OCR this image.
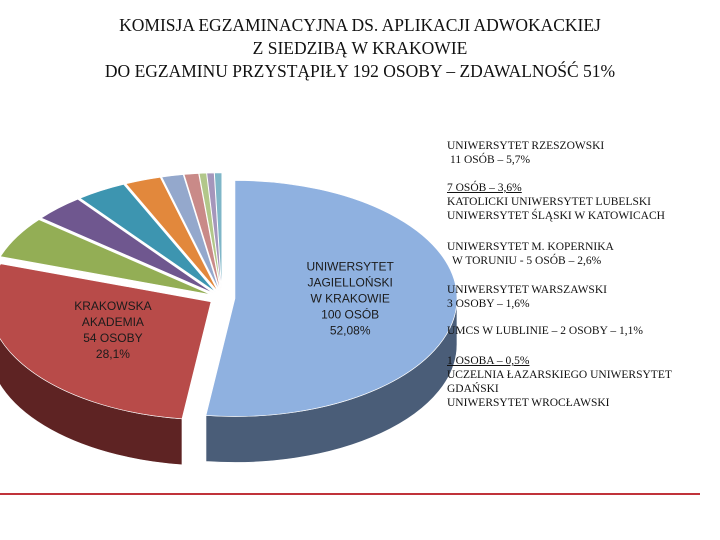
KOMISJA EGZAMINACYJNA DS. APLIKACJI ADWOKACKIEJ
Z SIEDZIBĄ W KRAKOWIE
DO EGZAMINU PRZYSTĄPIŁY 192 OSOBY – ZDAWALNOŚĆ 51%
UNIWERSYTET JAGIELLOŃSKI W KRAKOWIE 100 OSÓB 52,08%
KRAKOWSKA AKADEMIA 54 OSOBY 28,1%
UNIWERSYTET RZESZOWSKI
11 OSÓB – 5,7%
7 OSÓB – 3,6%
KATOLICKI UNIWERSYTET LUBELSKI
UNIWERSYTET ŚLĄSKI W KATOWICACH
UNIWERSYTET M. KOPERNIKA
W TORUNIU - 5 OSÓB – 2,6%
UNIWERSYTET WARSZAWSKI
3 OSOBY – 1,6%
UMCS W LUBLINIE – 2 OSOBY – 1,1%
1 OSOBA – 0,5%
UCZELNIA ŁAZARSKIEGO UNIWERSYTET
GDAŃSKI
UNIWERSYTET WROCŁAWSKI
